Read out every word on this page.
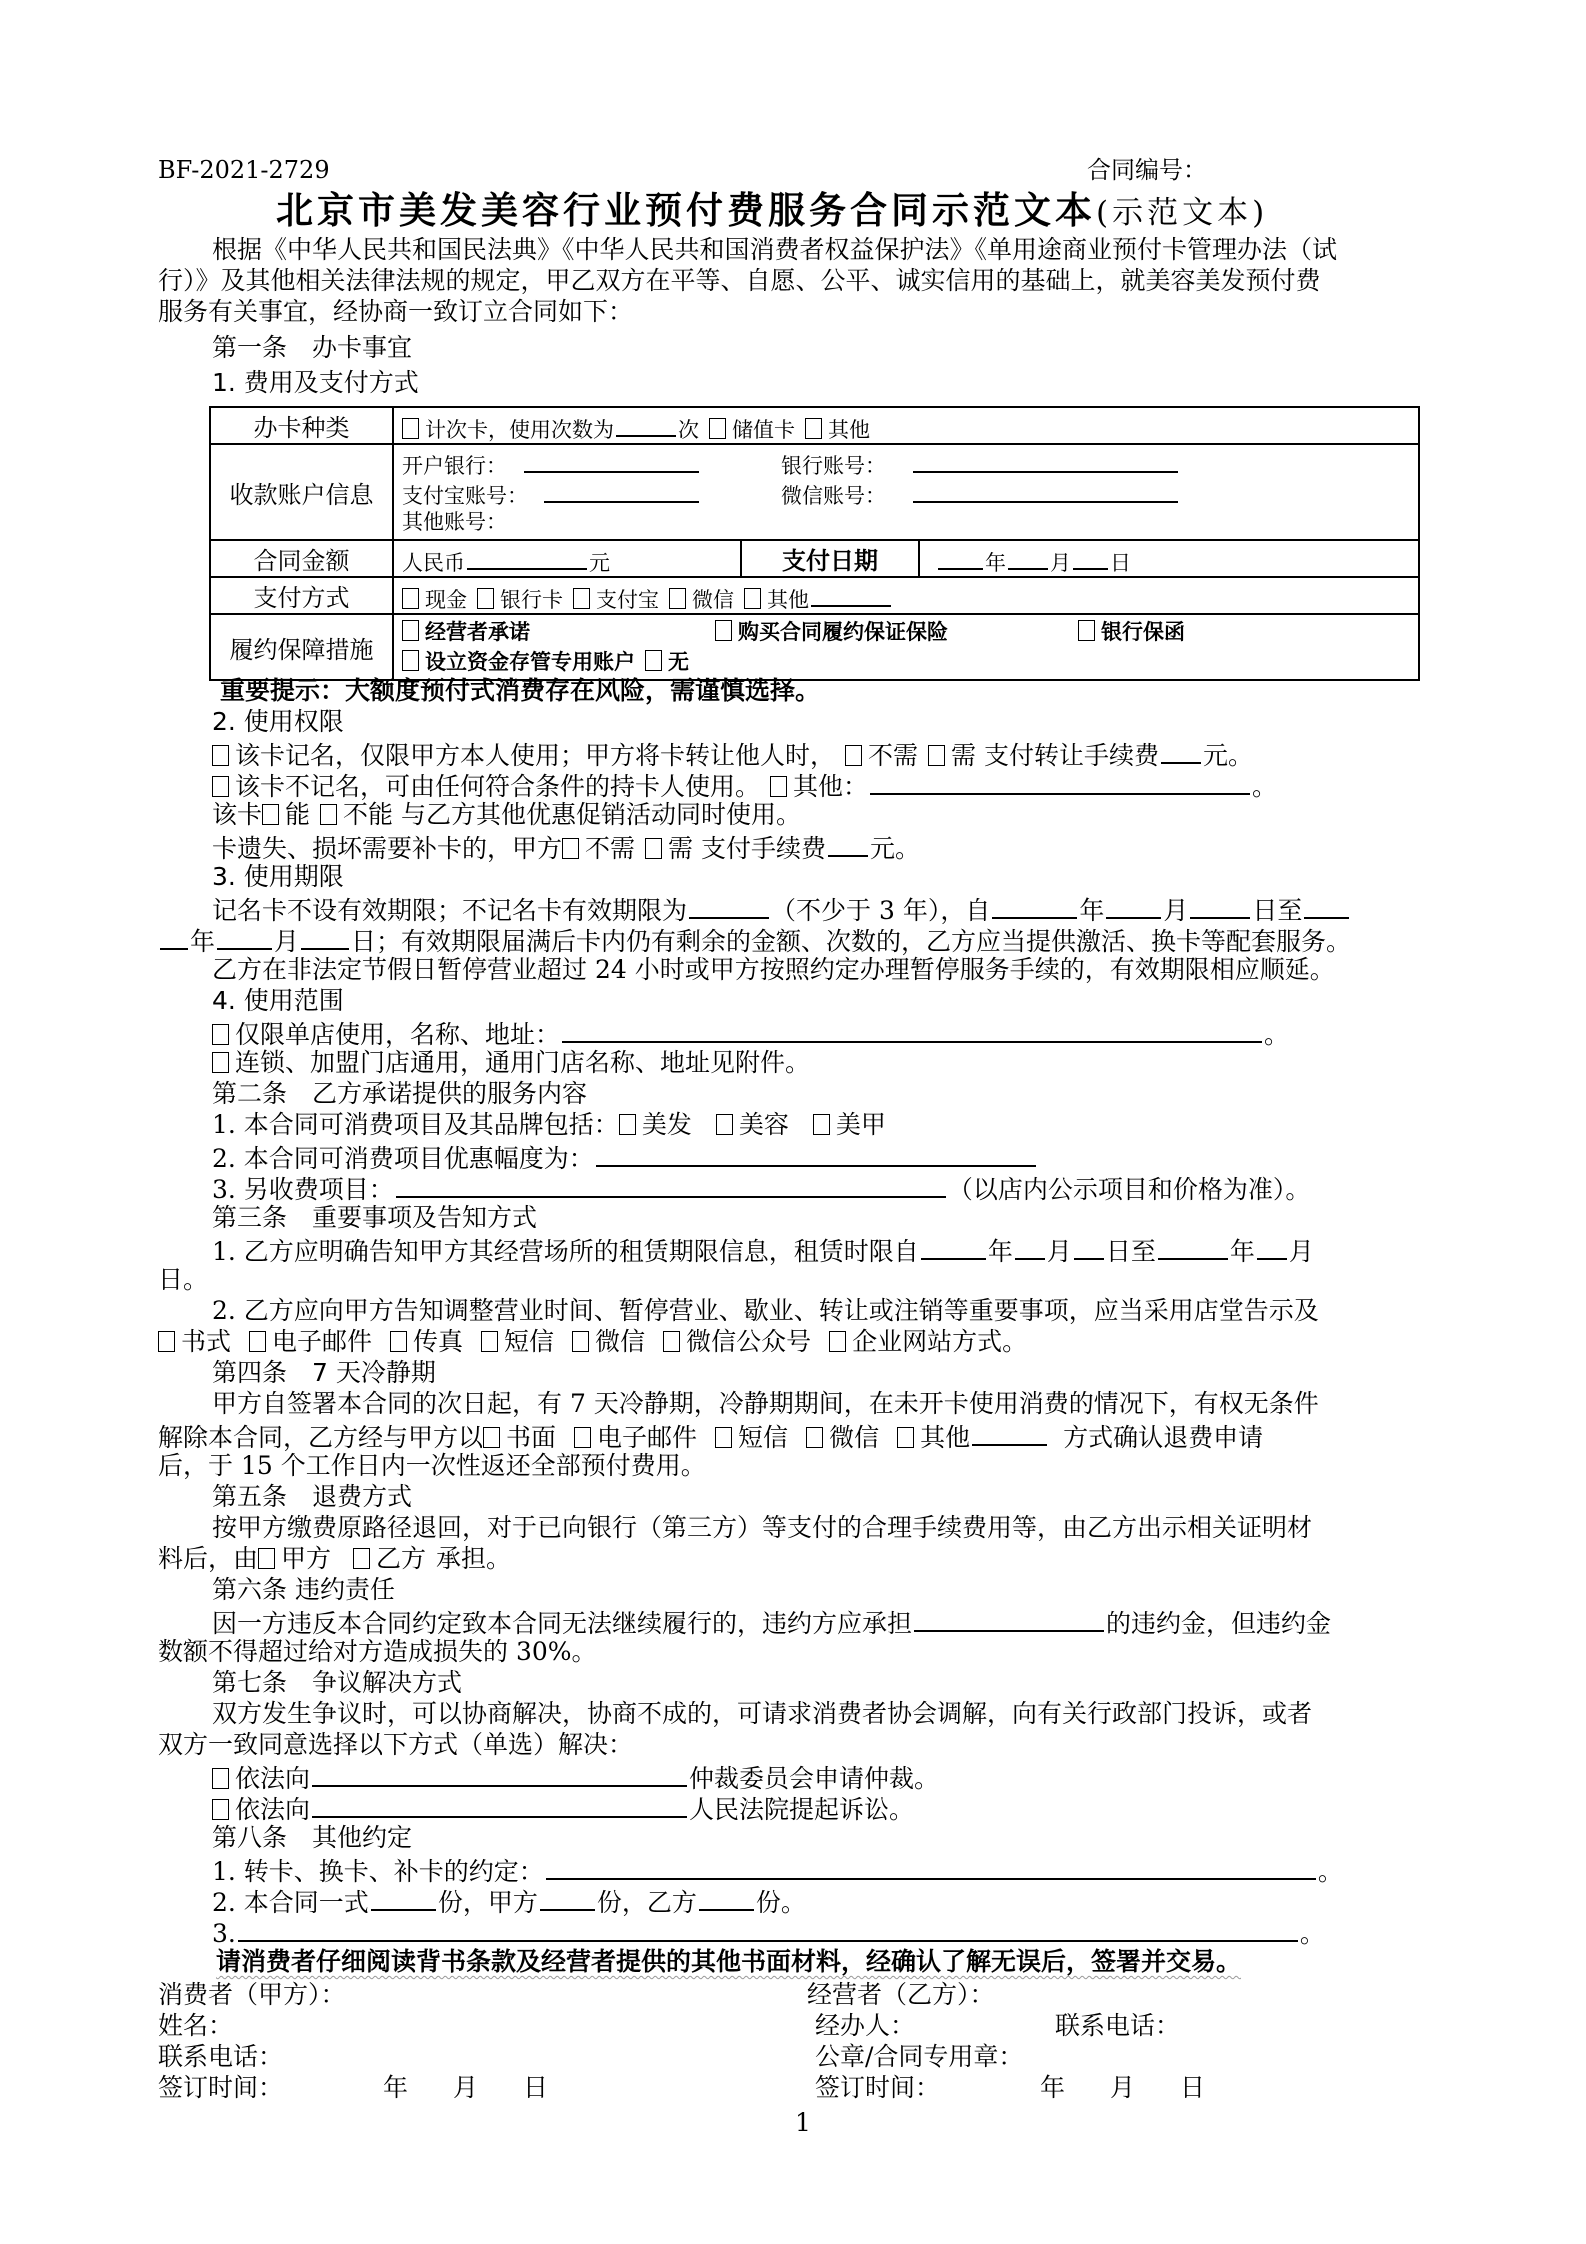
BF-2021-2729	合同编号：
北京市美发美容行业预付费服务合同示范文本(示范文本)
根据《中华人民共和国民法典》《中华人民共和国消费者权益保护法》《单用途商业预付卡管理办法（试
行）》及其他相关法律法规的规定，甲乙双方在平等、自愿、公平、诚实信用的基础上，就美容美发预付费
服务有关事宜，经协商一致订立合同如下：
第一条　办卡事宜
1. 费用及支付方式
办卡种类	计次卡，使用次数为 次 储值卡 其他		

收款账户信息	开户银行： 银行账号：
支付宝账号： 微信账号：
其他账号：		

合同金额	人民币 元	支付日期	年 月 日

支付方式	现金 银行卡 支付宝 微信 其他		

履约保障措施	经营者承诺 购买合同履约保证保险 银行保函
设立资金存管专用账户 无		
重要提示：大额度预付式消费存在风险，需谨慎选择。
2. 使用权限
该卡记名，仅限甲方本人使用；甲方将卡转让他人时， 不需 需 支付转让手续费 元。
该卡不记名，可由任何符合条件的持卡人使用。 其他：	。
该卡 能 不能 与乙方其他优惠促销活动同时使用。
卡遗失、损坏需要补卡的，甲方 不需 需 支付手续费 元。
3. 使用期限
记名卡不设有效期限；不记名卡有效期限为	（不少于 3 年），自	年 月	日至
年 月 日；有效期限届满后卡内仍有剩余的金额、次数的，乙方应当提供激活、换卡等配套服务。
乙方在非法定节假日暂停营业超过 24 小时或甲方按照约定办理暂停服务手续的，有效期限相应顺延。
4. 使用范围
仅限单店使用，名称、地址：	。
连锁、加盟门店通用，通用门店名称、地址见附件。
第二条　乙方承诺提供的服务内容
1. 本合同可消费项目及其品牌包括： 美发 美容 美甲
2. 本合同可消费项目优惠幅度为：
3. 另收费项目：	（以店内公示项目和价格为准）。
第三条　重要事项及告知方式
1. 乙方应明确告知甲方其经营场所的租赁期限信息，租赁时限自	年 月 日至	年 月
日。
2. 乙方应向甲方告知调整营业时间、暂停营业、歇业、转让或注销等重要事项，应当采用店堂告示及
书式 电子邮件 传真 短信 微信 微信公众号 企业网站方式。
第四条　7 天冷静期
甲方自签署本合同的次日起，有 7 天冷静期，冷静期期间，在未开卡使用消费的情况下，有权无条件
解除本合同，乙方经与甲方以 书面 电子邮件 短信 微信 其他	方式确认退费申请
后，于 15 个工作日内一次性返还全部预付费用。
第五条　退费方式
按甲方缴费原路径退回，对于已向银行（第三方）等支付的合理手续费用等，由乙方出示相关证明材
料后，由 甲方 乙方 承担。
第六条 违约责任
因一方违反本合同约定致本合同无法继续履行的，违约方应承担	的违约金，但违约金
数额不得超过给对方造成损失的 30%。
第七条　争议解决方式
双方发生争议时，可以协商解决，协商不成的，可请求消费者协会调解，向有关行政部门投诉，或者
双方一致同意选择以下方式（单选）解决：
依法向	仲裁委员会申请仲裁。
依法向	人民法院提起诉讼。
第八条　其他约定
1. 转卡、换卡、补卡的约定：	。
2. 本合同一式	份，甲方 份，乙方 份。
3.	。
请消费者仔细阅读背书条款及经营者提供的其他书面材料，经确认了解无误后，签署并交易。
消费者（甲方）：	经营者（乙方）：
姓名：	经办人：	联系电话：
联系电话：	公章/合同专用章：
签订时间：	年 月 日	签订时间：	年 月 日
1
